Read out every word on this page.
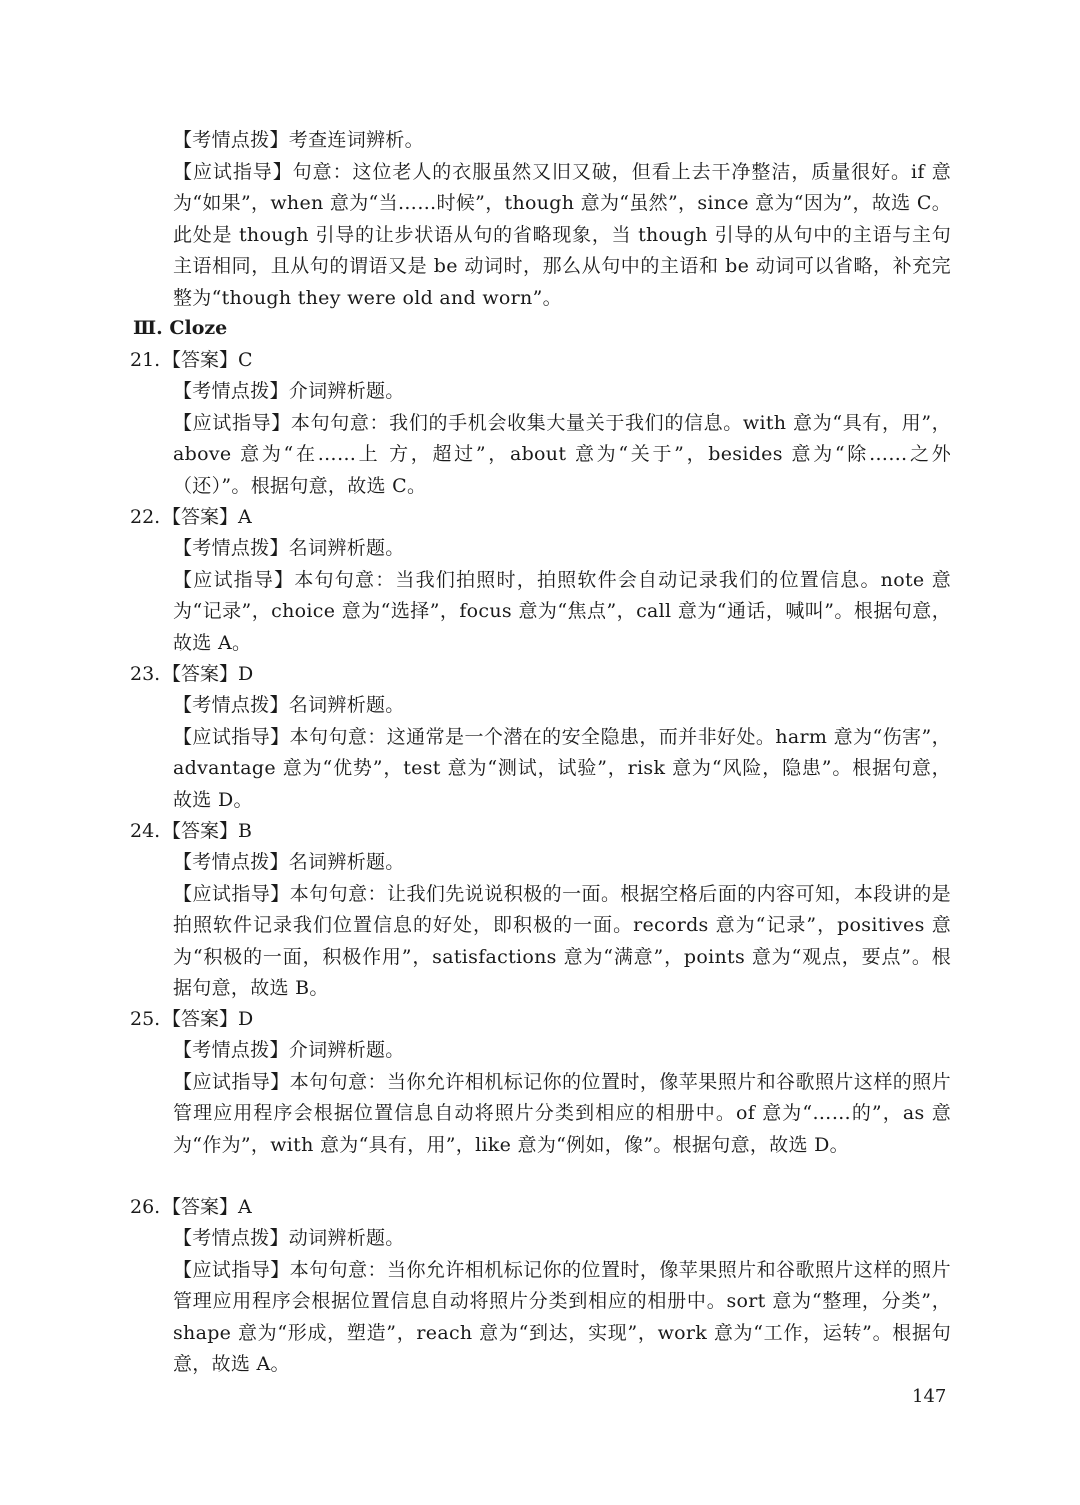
【考情点拨】考查连词辨析。

【应试指导】句意：这位老人的衣服虽然又旧又破，但看上去干净整洁，质量很好。if 意为“如果”，when 意为“当……时候”，though 意为“虽然”，since 意为“因为”，故选 C。此处是 though 引导的让步状语从句的省略现象，当 though 引导的从句中的主语与主句主语相同，且从句的谓语又是 be 动词时，那么从句中的主语和 be 动词可以省略，补充完整为“though they were old and worn”。

Ⅲ. Cloze
21. 【答案】C

【考情点拨】介词辨析题。

【应试指导】本句句意：我们的手机会收集大量关于我们的信息。with 意为“具有，用”，above 意为“在……上 方，超过”，about 意为“关于”，besides 意为“除……之外（还）”。根据句意，故选 C。

22. 【答案】A

【考情点拨】名词辨析题。

【应试指导】本句句意：当我们拍照时，拍照软件会自动记录我们的位置信息。note 意为“记录”，choice 意为“选择”，focus 意为“焦点”，call 意为“通话，喊叫”。根据句意，故选 A。

23. 【答案】D

【考情点拨】名词辨析题。

【应试指导】本句句意：这通常是一个潜在的安全隐患，而并非好处。harm 意为“伤害”，advantage 意为“优势”，test 意为“测试，试验”，risk 意为“风险，隐患”。根据句意，故选 D。

24. 【答案】B

【考情点拨】名词辨析题。

【应试指导】本句句意：让我们先说说积极的一面。根据空格后面的内容可知，本段讲的是拍照软件记录我们位置信息的好处，即积极的一面。records 意为“记录”，positives 意为“积极的一面，积极作用”，satisfactions 意为“满意”，points 意为“观点，要点”。根据句意，故选 B。

25. 【答案】D

【考情点拨】介词辨析题。

【应试指导】本句句意：当你允许相机标记你的位置时，像苹果照片和谷歌照片这样的照片管理应用程序会根据位置信息自动将照片分类到相应的相册中。of 意为“……的”，as 意为“作为”，with 意为“具有，用”，like 意为“例如，像”。根据句意，故选 D。

26. 【答案】A

【考情点拨】动词辨析题。

【应试指导】本句句意：当你允许相机标记你的位置时，像苹果照片和谷歌照片这样的照片管理应用程序会根据位置信息自动将照片分类到相应的相册中。sort 意为“整理，分类”，shape 意为“形成，塑造”，reach 意为“到达，实现”，work 意为“工作，运转”。根据句意，故选 A。

147
